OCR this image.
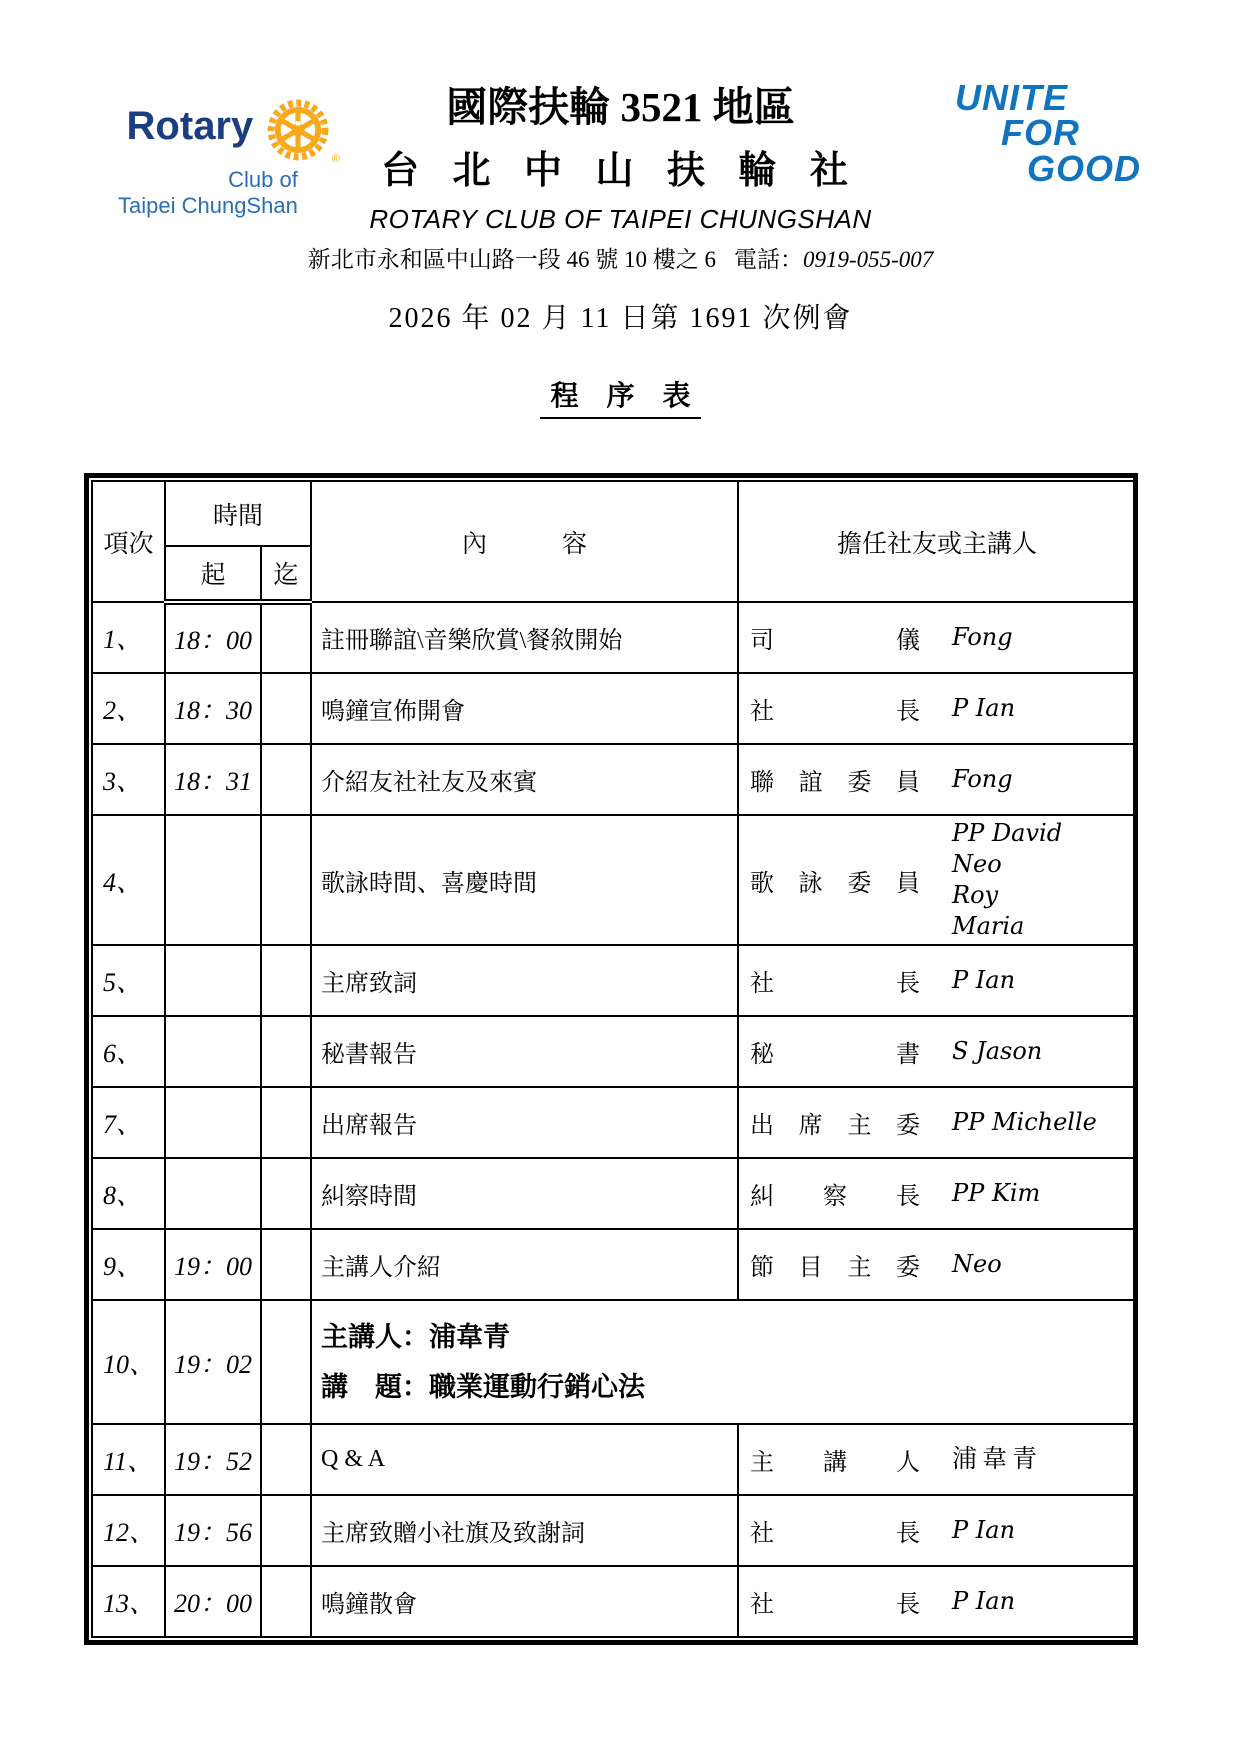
Rotary
®
Club of
Taipei ChungShan
UNITE
FOR
GOOD
國際扶輪 3521 地區
台 北 中 山 扶 輪 社
ROTARY CLUB OF TAIPEI CHUNGSHAN
新北市永和區中山路一段 46 號 10 樓之 6 電話：0919-055-007
2026 年 02 月 11 日第 1691 次例會
程　序　表
項次	時間		內　　　容	擔任社友或主講人
	起	迄		
1、	18：00		註冊聯誼\音樂欣賞\餐敘開始	司儀 Fong

2、	18：30		鳴鐘宣佈開會	社長 P Ian

3、	18：31		介紹友社社友及來賓	聯誼委員 Fong

4、			歌詠時間、喜慶時間	歌詠委員
PP David
Neo
Roy
Maria

5、			主席致詞	社長 P Ian

6、			秘書報告	秘書 S Jason

7、			出席報告	出席主委 PP Michelle

8、			糾察時間	糾察長 PP Kim

9、	19：00		主講人介紹	節目主委 Neo

10、	19：02		主講人：浦韋青
講　題：職業運動行銷心法	

11、	19：52		Q & A	主講人 浦韋青

12、	19：56		主席致贈小社旗及致謝詞	社長 P Ian

13、	20：00		鳴鐘散會	社長 P Ian
